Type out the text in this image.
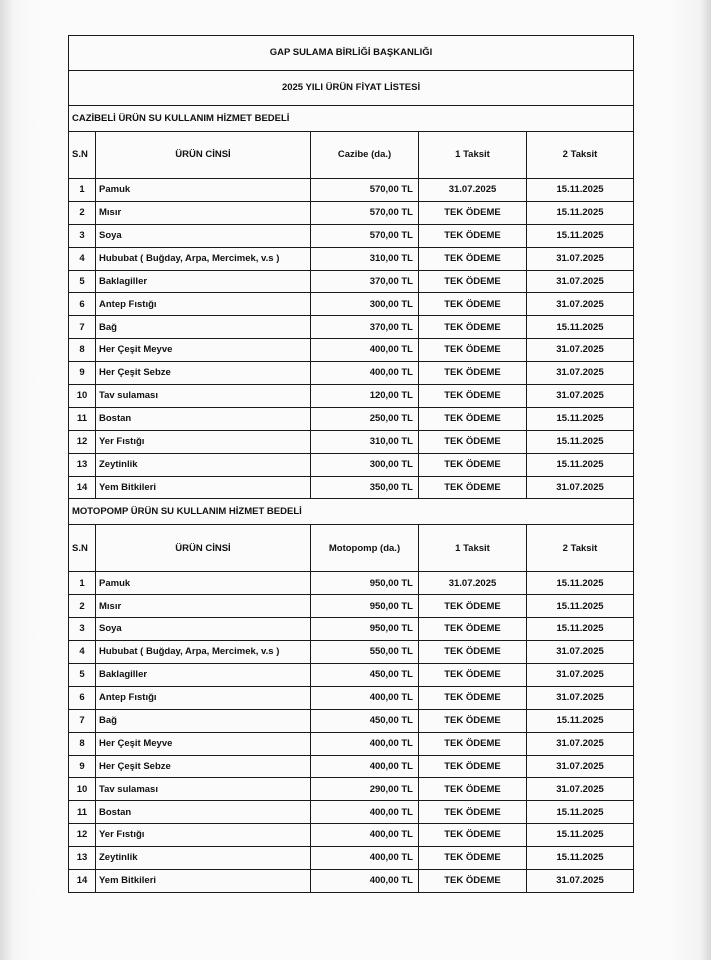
GAP SULAMA BİRLİĞİ BAŞKANLIĞI				
2025 YILI ÜRÜN FİYAT LİSTESİ				
CAZİBELİ ÜRÜN SU KULLANIM HİZMET BEDELİ				
S.N	ÜRÜN CİNSİ	Cazibe (da.)	1 Taksit	2 Taksit
1	Pamuk	570,00 TL	31.07.2025	15.11.2025
2	Mısır	570,00 TL	TEK ÖDEME	15.11.2025
3	Soya	570,00 TL	TEK ÖDEME	15.11.2025
4	Hububat ( Buğday, Arpa, Mercimek, v.s )	310,00 TL	TEK ÖDEME	31.07.2025
5	Baklagiller	370,00 TL	TEK ÖDEME	31.07.2025
6	Antep Fıstığı	300,00 TL	TEK ÖDEME	31.07.2025
7	Bağ	370,00 TL	TEK ÖDEME	15.11.2025
8	Her Çeşit Meyve	400,00 TL	TEK ÖDEME	31.07.2025
9	Her Çeşit Sebze	400,00 TL	TEK ÖDEME	31.07.2025
10	Tav sulaması	120,00 TL	TEK ÖDEME	31.07.2025
11	Bostan	250,00 TL	TEK ÖDEME	15.11.2025
12	Yer Fıstığı	310,00 TL	TEK ÖDEME	15.11.2025
13	Zeytinlik	300,00 TL	TEK ÖDEME	15.11.2025
14	Yem Bitkileri	350,00 TL	TEK ÖDEME	31.07.2025
MOTOPOMP ÜRÜN SU KULLANIM HİZMET BEDELİ				
S.N	ÜRÜN CİNSİ	Motopomp (da.)	1 Taksit	2 Taksit
1	Pamuk	950,00 TL	31.07.2025	15.11.2025
2	Mısır	950,00 TL	TEK ÖDEME	15.11.2025
3	Soya	950,00 TL	TEK ÖDEME	15.11.2025
4	Hububat ( Buğday, Arpa, Mercimek, v.s )	550,00 TL	TEK ÖDEME	31.07.2025
5	Baklagiller	450,00 TL	TEK ÖDEME	31.07.2025
6	Antep Fıstığı	400,00 TL	TEK ÖDEME	31.07.2025
7	Bağ	450,00 TL	TEK ÖDEME	15.11.2025
8	Her Çeşit Meyve	400,00 TL	TEK ÖDEME	31.07.2025
9	Her Çeşit Sebze	400,00 TL	TEK ÖDEME	31.07.2025
10	Tav sulaması	290,00 TL	TEK ÖDEME	31.07.2025
11	Bostan	400,00 TL	TEK ÖDEME	15.11.2025
12	Yer Fıstığı	400,00 TL	TEK ÖDEME	15.11.2025
13	Zeytinlik	400,00 TL	TEK ÖDEME	15.11.2025
14	Yem Bitkileri	400,00 TL	TEK ÖDEME	31.07.2025
